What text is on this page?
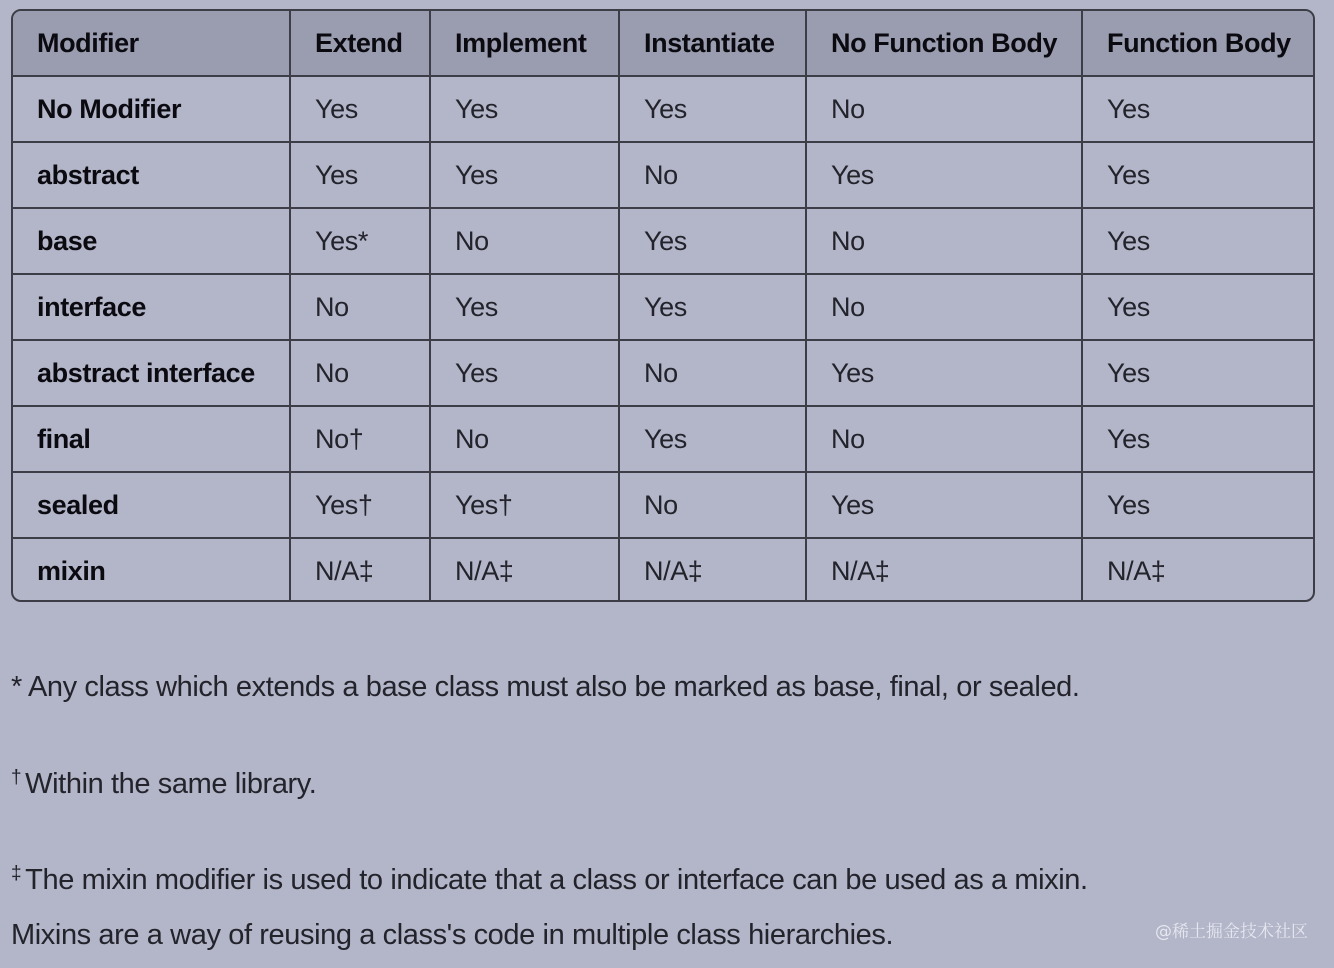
Modifier	Extend	Implement	Instantiate	No Function Body	Function Body
No Modifier	Yes	Yes	Yes	No	Yes
abstract	Yes	Yes	No	Yes	Yes
base	Yes*	No	Yes	No	Yes
interface	No	Yes	Yes	No	Yes
abstract interface	No	Yes	No	Yes	Yes
final	No†	No	Yes	No	Yes
sealed	Yes†	Yes†	No	Yes	Yes
mixin	N/A‡	N/A‡	N/A‡	N/A‡	N/A‡
* Any class which extends a base class must also be marked as base, final, or sealed.
† Within the same library.
‡ The mixin modifier is used to indicate that a class or interface can be used as a mixin.
Mixins are a way of reusing a class's code in multiple class hierarchies.	@稀土掘金技术社区
